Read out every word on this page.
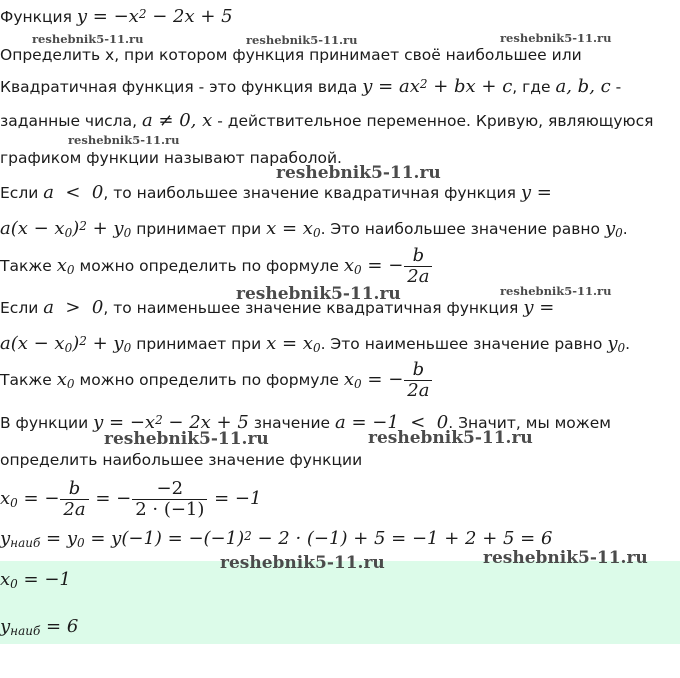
Функция $y = -x^2 - 2x + 5$
Определить x, при котором функция принимает своё наибольшее или
Квадратичная функция - это функция вида $y = ax^2$ + bx + c, где a, b, c -
заданные числа, a ≠ 0, x - действительное переменное. Кривую, являющуюся
графиком функции называют параболой.
Если a  <  0, то наибольшее значение квадратичная функция y =
$a(x - x_0)^2 + y_0$ принимает при $x = x_0$. Это наибольшее значение равно $y_0$.
Также $x_0$ можно определить по формуле $x_0$ = − $\frac{b}{2a}$
Если a  >  0, то наименьшее значение квадратичная функция y =
$a(x - x_0)^2 + y_0$ принимает при $x = x_0$. Это наименьшее значение равно $y_0$.
Также $x_0$ можно определить по формуле $x_0$ = − $\frac{b}{2a}$
В функции $y = -x^2 - 2x + 5$ значение a = −1  <  0. Значит, мы можем
определить наибольшее значение функции
$x_0$ = − $\frac{b}{2a}$ = − $\frac{-2}{2 \cdot (-1)} = -1$
$y_{наиб} = y_0 = y(-1) = -(-1)^2 - 2 \cdot (-1) + 5 = -1 + 2 + 5 = 6$
$x_0 = -1$
$y_{наиб} = 6$
reshebnik5-11.ru	reshebnik5-11.ru	reshebnik5-11.ru
reshebnik5-11.ru
reshebnik5-11.ru
reshebnik5-11.ru	reshebnik5-11.ru
reshebnik5-11.ru	reshebnik5-11.ru
reshebnik5-11.ru	reshebnik5-11.ru
